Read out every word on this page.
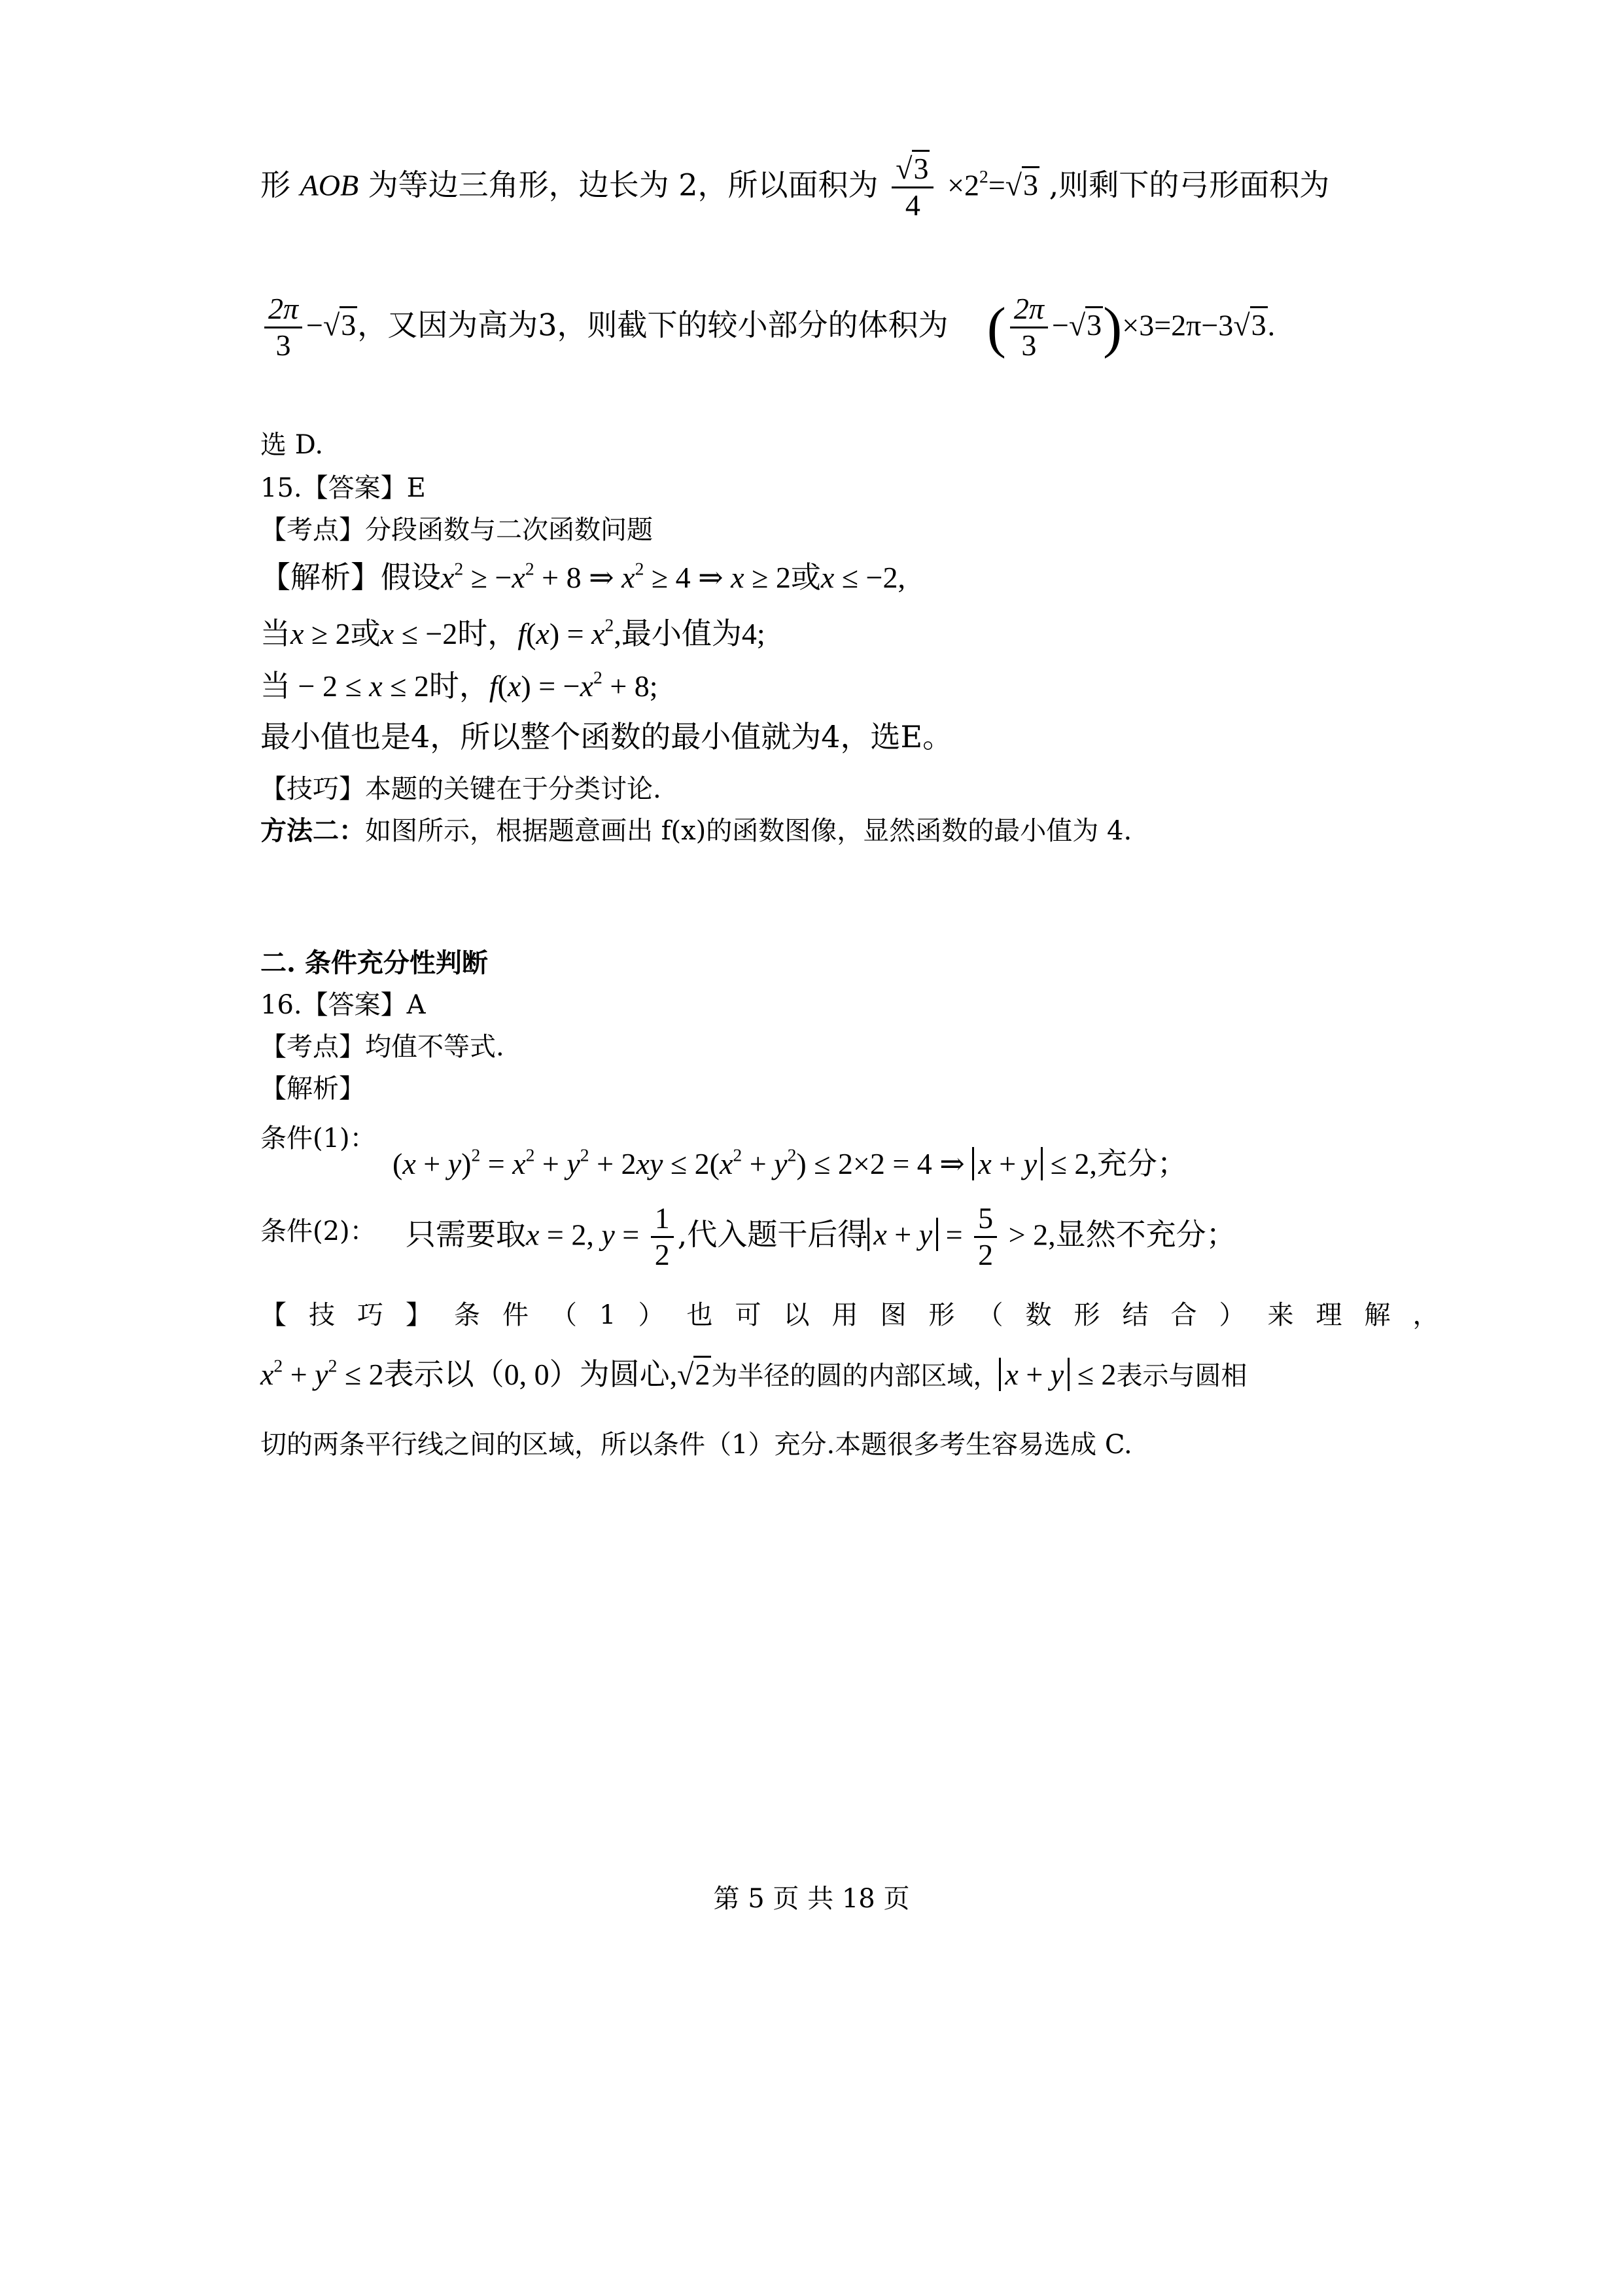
形 AOB 为等边三角形，边长为 2，所以面积为 $\frac{√3}{4} \times 2^2=√3$ ,则剩下的弓形面积为
$\frac{2\pi}{3} -√3$，又因为高为3，则截下的较小部分的体积为 ( $\frac{2\pi}{3} -√3)\times 3=2\pi-3√3$.
选 D.
15.【答案】E
【考点】分段函数与二次函数问题
【解析】假设$x^2 \ge -x^2 + 8$ ⇒ $x^2 \ge 4$ ⇒ x ≥ 2或x ≤ −2,
当x ≥ 2或x ≤ −2时，$f(x) = x^2$,最小值为4;
当 − 2 ≤ x ≤ 2时，$f(x) = -x^2 + 8$;
最小值也是4，所以整个函数的最小值就为4，选E。
【技巧】本题的关键在于分类讨论.
方法二：如图所示，根据题意画出 f(x)的函数图像，显然函数的最小值为 4.
二. 条件充分性判断
16.【答案】A
【考点】均值不等式.
【解析】
条件(1)：
$(x + y)^2 = x^2 + y^2 + 2xy \le 2(x^2 + y^2) \le 2\times 2 = 4$ ⇒ x + y ≤ 2,充分；
条件(2)： 只需要取x = 2, $y = \frac{1}{2}$ ,代入题干后得 $x + y = \frac{5}{2} > 2$,显然不充分；
【技巧】条件（1）也可以用图形（数形结合）来理解，
$x^2 + y^2 \le 2$表示以（0, 0）为圆心,√2为半径的圆的内部区域， x + y ≤ 2表示与圆相
切的两条平行线之间的区域，所以条件（1）充分.本题很多考生容易选成 C.
第 5 页 共 18 页
